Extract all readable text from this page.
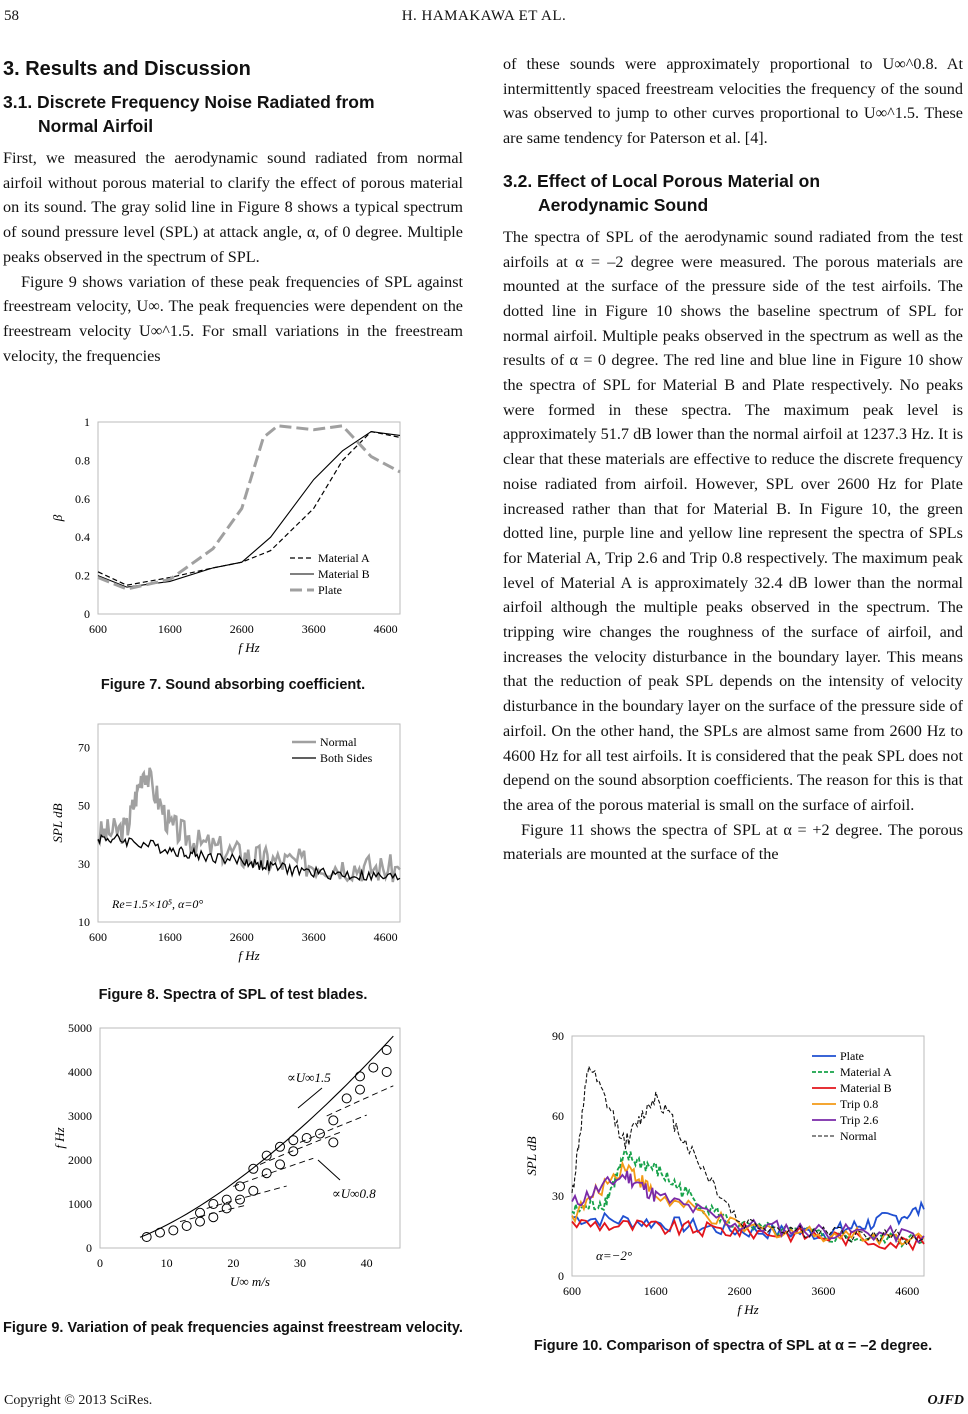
58	H. HAMAKAWA ET AL.
3. Results and Discussion
3.1. Discrete Frequency Noise Radiated from
Normal Airfoil

First, we measured the aerodynamic sound radiated from normal airfoil without porous material to clarify the effect of porous material on its sound. The gray solid line in Figure 8 shows a typical spectrum of sound pressure level (SPL) at attack angle, α, of 0 degree. Multiple peaks observed in the spectrum of SPL.

Figure 9 shows variation of these peak frequencies of SPL against freestream velocity, U∞. The peak frequencies were dependent on the freestream velocity U∞^1.5. For small variations in the freestream velocity, the frequencies

of these sounds were approximately proportional to U∞^0.8. At intermittently spaced freestream velocities the frequency of the sound was observed to jump to other curves proportional to U∞^1.5. These are same tendency for Paterson et al. [4].

3.2. Effect of Local Porous Material on
Aerodynamic Sound

The spectra of SPL of the aerodynamic sound radiated from the test airfoils at α = –2 degree were measured. The porous materials are mounted at the surface of the pressure side of the test airfoils. The dotted line in Figure 10 shows the baseline spectrum of SPL for normal airfoil. Multiple peaks observed in the spectrum as well as the results of α = 0 degree. The red line and blue line in Figure 10 show the spectra of SPL for Material B and Plate respectively. No peaks were formed in these spectra. The maximum peak level is approximately 51.7 dB lower than the normal airfoil at 1237.3 Hz. It is clear that these materials are effective to reduce the discrete frequency noise radiated from airfoil. However, SPL over 2600 Hz for Plate increased rather than that for Material B. In Figure 10, the green dotted line, purple line and yellow line represent the spectra of SPLs for Material A, Trip 2.6 and Trip 0.8 respectively. The maximum peak level of Material A is approximately 32.4 dB lower than the normal airfoil although the multiple peaks observed in the spectrum. The tripping wire changes the roughness of the surface of airfoil, and increases the velocity disturbance in the boundary layer. This means that the reduction of peak SPL depends on the intensity of velocity disturbance in the boundary layer on the surface of the pressure side of airfoil. On the other hand, the SPLs are almost same from 2600 Hz to 4600 Hz for all test airfoils. It is considered that the peak SPL does not depend on the sound absorption coefficients. The reason for this is that the area of the porous material is small on the surface of airfoil.

Figure 11 shows the spectra of SPL at α = +2 degree. The porous materials are mounted at the surface of the

600	1600	2600	3600	4600
0
0.2
0.4
0.6
0.8
1
f Hz
β
Material A
Material B
Plate
Figure 7. Sound absorbing coefficient.
600	1600	2600	3600	4600
10
30
50
70
f Hz
SPL dB
Normal
Both Sides
Re=1.5×10⁵, α=0°
Figure 8. Spectra of SPL of test blades.
0	10	20	30	40
0
1000
2000
3000
4000
5000
U∞ m/s
f Hz
∝U∞1.5
∝U∞0.8
Figure 9. Variation of peak frequencies against freestream velocity.
600	1600	2600	3600	4600
0
30
60
90
f Hz
SPL dB
Plate
Material A
Material B
Trip 0.8
Trip 2.6
Normal
α=−2°
Figure 10. Comparison of spectra of SPL at α = –2 degree.
Copyright © 2013 SciRes.	OJFD
